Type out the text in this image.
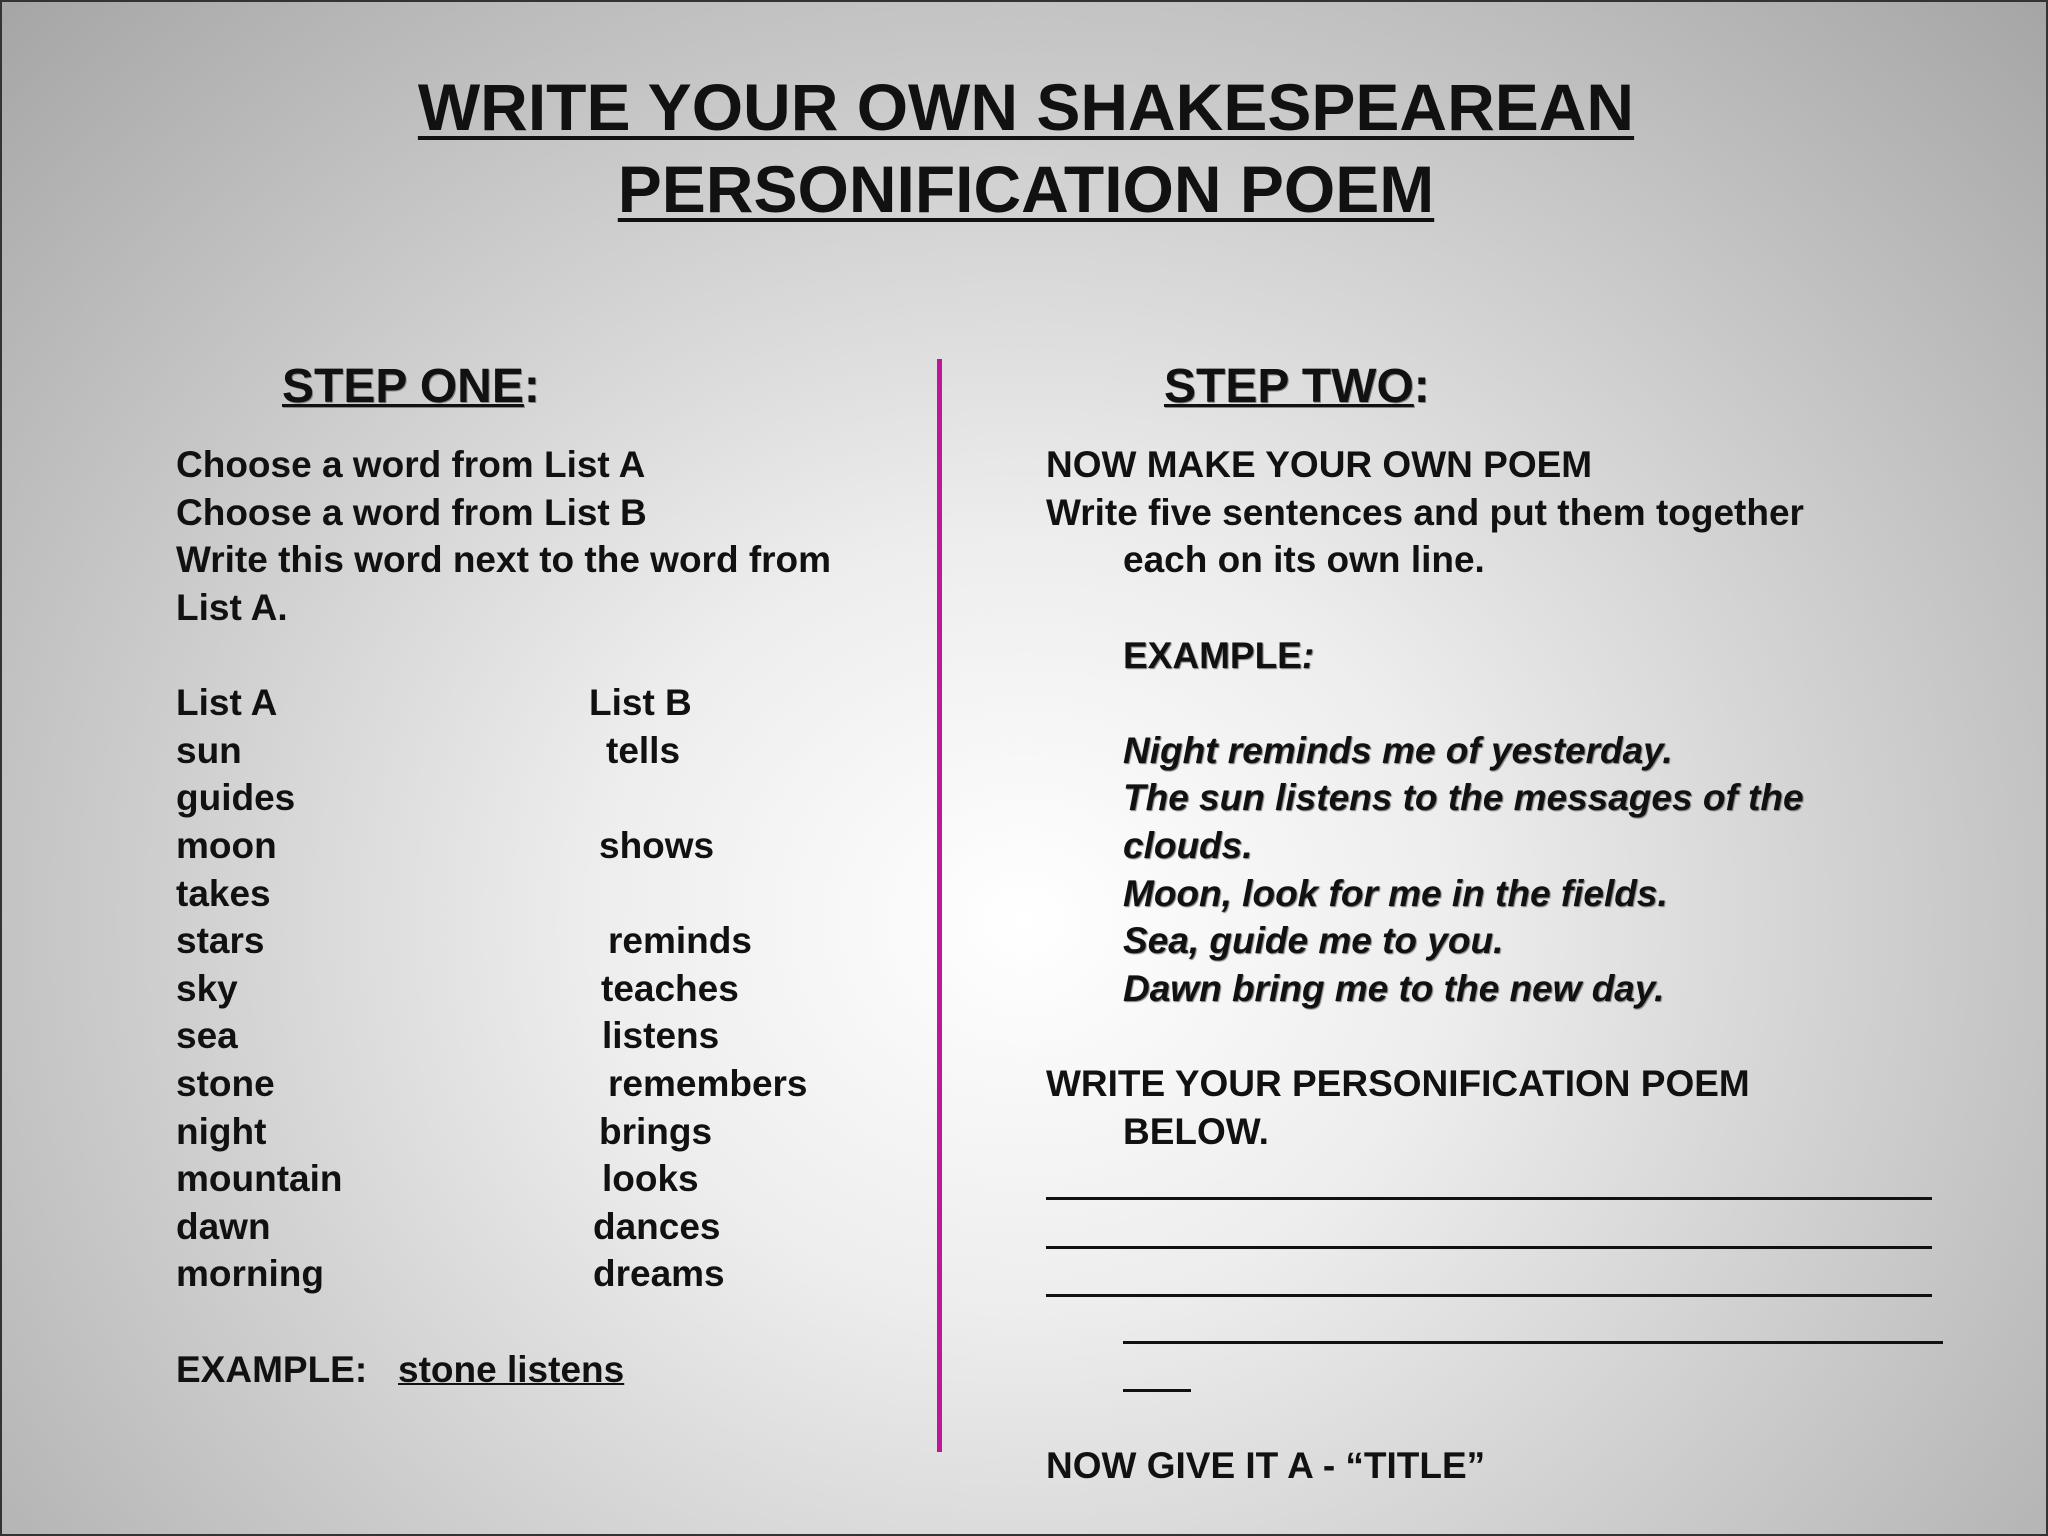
WRITE YOUR OWN SHAKESPEAREAN
PERSONIFICATION POEM
STEP ONE:	STEP TWO:
Choose a word from List A
Choose a word from List B
Write this word next to the word from
List A.
List A	List B
sun
guides
moon
takes
stars
sky
sea
stone
night
mountain
dawn
morning
tells
shows
reminds
teaches
listens
remembers
brings
looks
dances
dreams
EXAMPLE: stone listens
NOW MAKE YOUR OWN POEM
Write five sentences and put them together
each on its own line.
EXAMPLE:
Night reminds me of yesterday.
The sun listens to the messages of the
clouds.
Moon, look for me in the fields.
Sea, guide me to you.
Dawn bring me to the new day.
WRITE YOUR PERSONIFICATION POEM
BELOW.
NOW GIVE IT A - “TITLE”
